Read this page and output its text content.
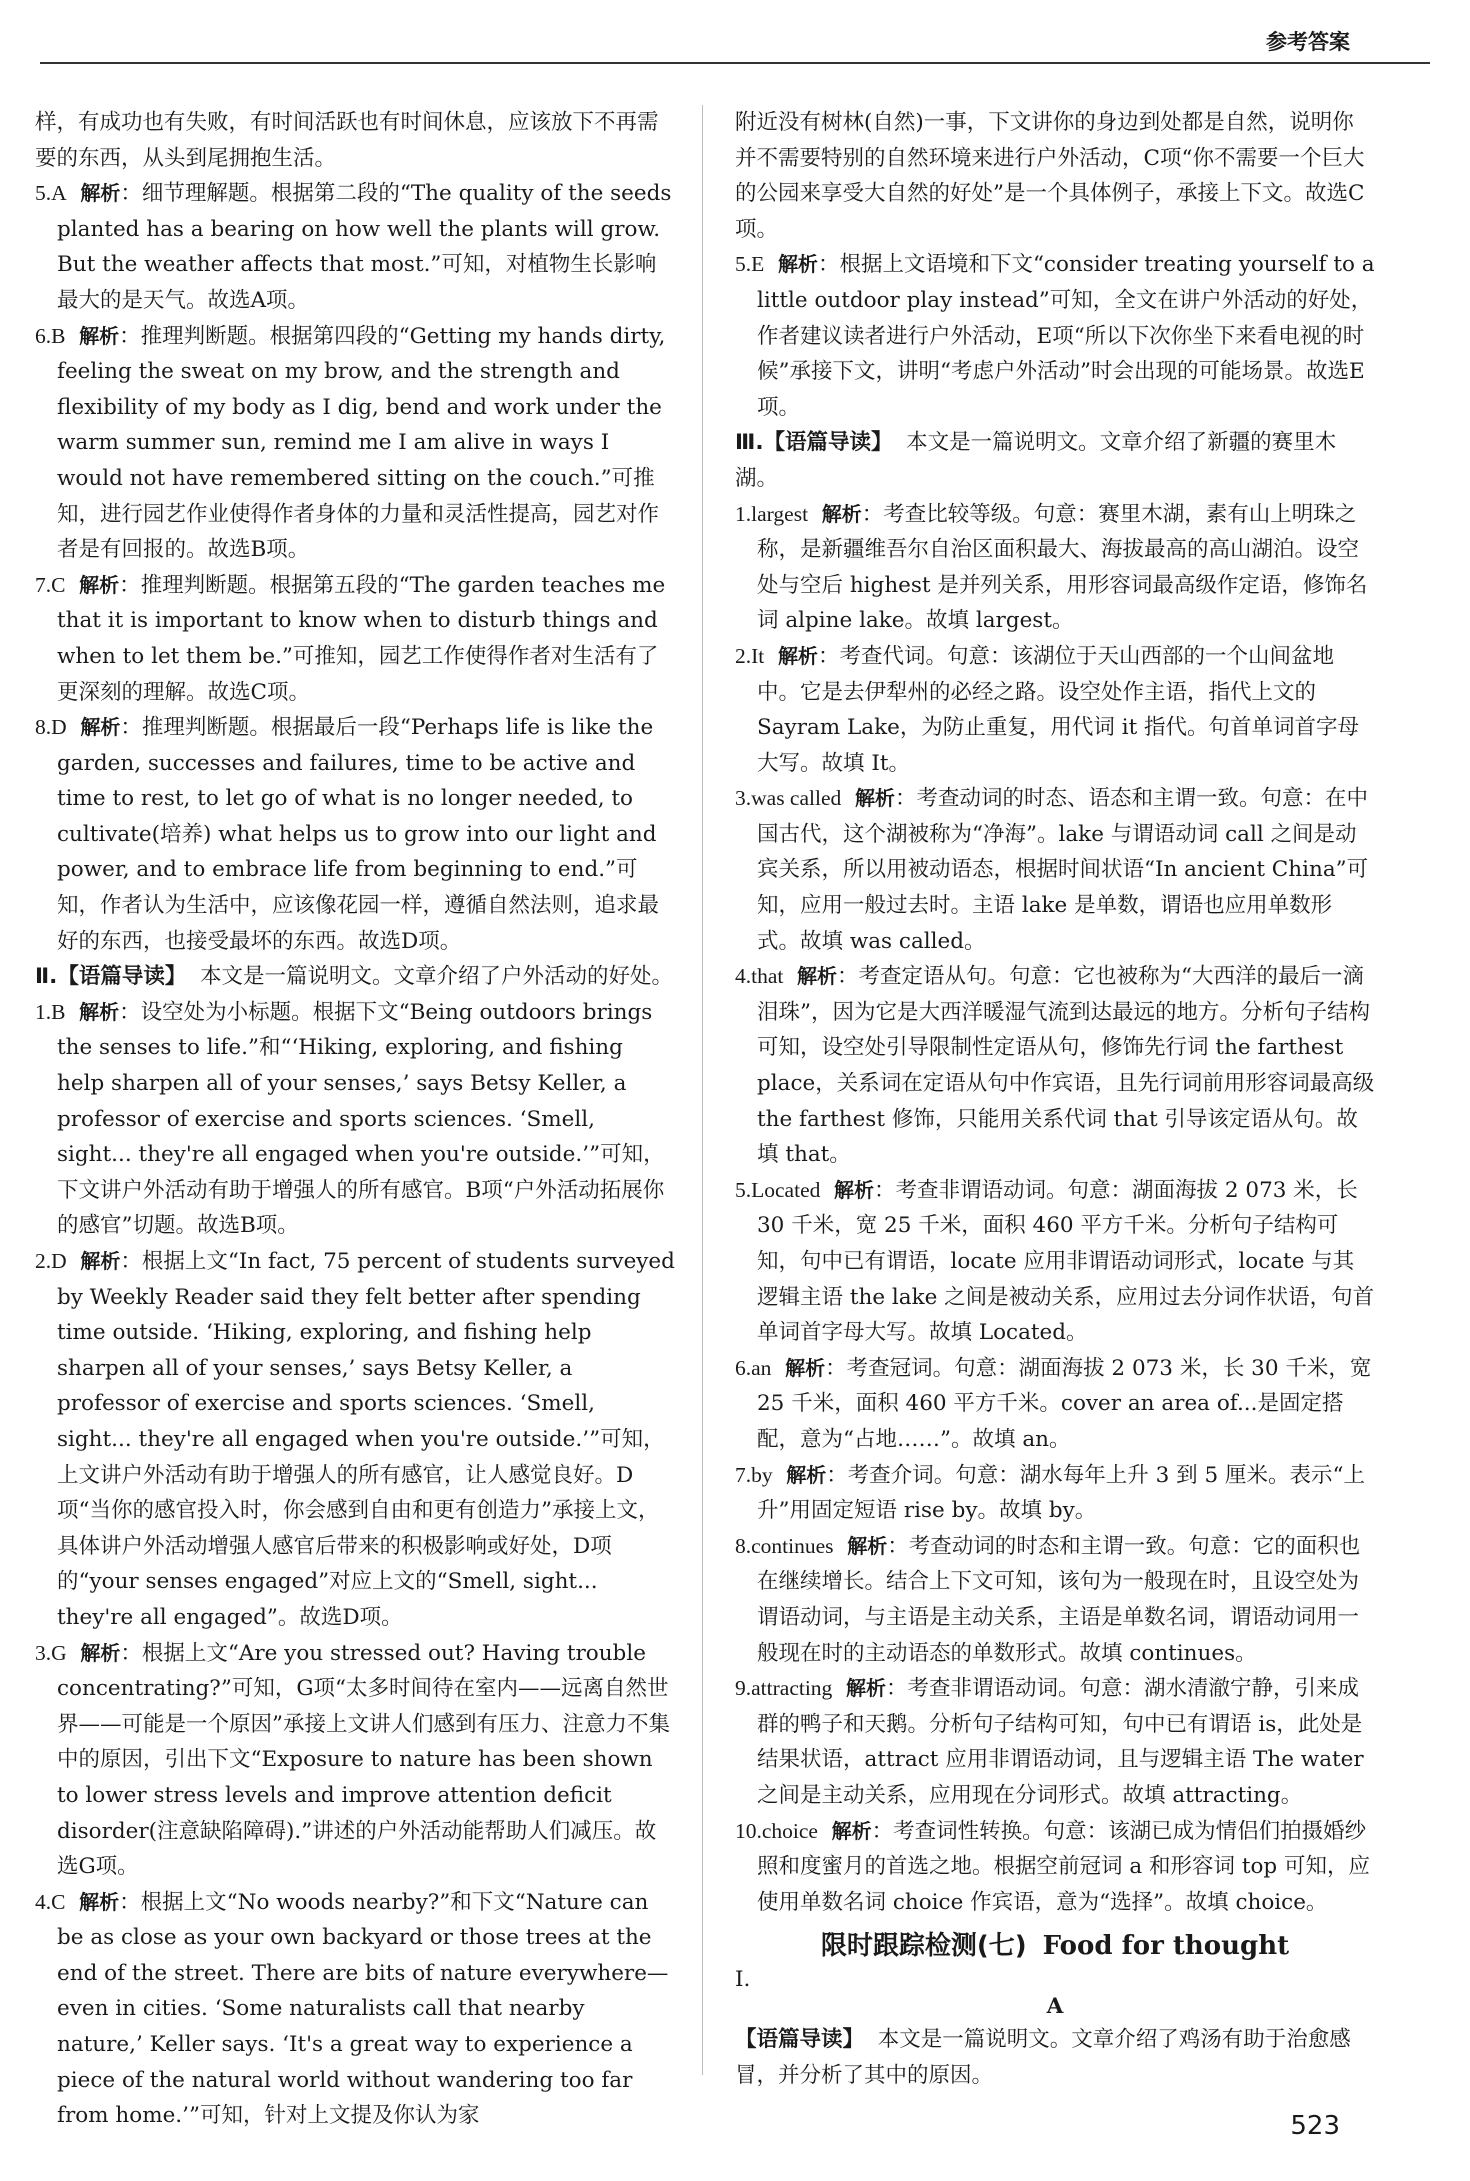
参考答案

样，有成功也有失败，有时间活跃也有时间休息，应该放下不再需要的东西，从头到尾拥抱生活。

5.A 解析：细节理解题。根据第二段的“The quality of the seeds planted has a bearing on how well the plants will grow. But the weather affects that most.”可知，对植物生长影响最大的是天气。故选A项。

6.B 解析：推理判断题。根据第四段的“Getting my hands dirty, feeling the sweat on my brow, and the strength and flexibility of my body as I dig, bend and work under the warm summer sun, remind me I am alive in ways I would not have remembered sitting on the couch.”可推知，进行园艺作业使得作者身体的力量和灵活性提高，园艺对作者是有回报的。故选B项。

7.C 解析：推理判断题。根据第五段的“The garden teaches me that it is important to know when to disturb things and when to let them be.”可推知，园艺工作使得作者对生活有了更深刻的理解。故选C项。

8.D 解析：推理判断题。根据最后一段“Perhaps life is like the garden, successes and failures, time to be active and time to rest, to let go of what is no longer needed, to cultivate(培养) what helps us to grow into our light and power, and to embrace life from beginning to end.”可知，作者认为生活中，应该像花园一样，遵循自然法则，追求最好的东西，也接受最坏的东西。故选D项。

Ⅱ.【语篇导读】 本文是一篇说明文。文章介绍了户外活动的好处。

1.B 解析：设空处为小标题。根据下文“Being outdoors brings the senses to life.”和“‘Hiking, exploring, and fishing help sharpen all of your senses,’ says Betsy Keller, a professor of exercise and sports sciences. ‘Smell, sight... they're all engaged when you're outside.’”可知，下文讲户外活动有助于增强人的所有感官。B项“户外活动拓展你的感官”切题。故选B项。

2.D 解析：根据上文“In fact, 75 percent of students surveyed by Weekly Reader said they felt better after spending time outside. ‘Hiking, exploring, and fishing help sharpen all of your senses,’ says Betsy Keller, a professor of exercise and sports sciences. ‘Smell, sight... they're all engaged when you're outside.’”可知，上文讲户外活动有助于增强人的所有感官，让人感觉良好。D项“当你的感官投入时，你会感到自由和更有创造力”承接上文，具体讲户外活动增强人感官后带来的积极影响或好处，D项的“your senses engaged”对应上文的“Smell, sight... they're all engaged”。故选D项。

3.G 解析：根据上文“Are you stressed out? Having trouble concentrating?”可知，G项“太多时间待在室内——远离自然世界——可能是一个原因”承接上文讲人们感到有压力、注意力不集中的原因，引出下文“Exposure to nature has been shown to lower stress levels and improve attention deficit disorder(注意缺陷障碍).”讲述的户外活动能帮助人们减压。故选G项。

4.C 解析：根据上文“No woods nearby?”和下文“Nature can be as close as your own backyard or those trees at the end of the street. There are bits of nature everywhere—even in cities. ‘Some naturalists call that nearby nature,’ Keller says. ‘It's a great way to experience a piece of the natural world without wandering too far from home.’”可知，针对上文提及你认为家

附近没有树林(自然)一事，下文讲你的身边到处都是自然，说明你并不需要特别的自然环境来进行户外活动，C项“你不需要一个巨大的公园来享受大自然的好处”是一个具体例子，承接上下文。故选C项。

5.E 解析：根据上文语境和下文“consider treating yourself to a little outdoor play instead”可知，全文在讲户外活动的好处，作者建议读者进行户外活动，E项“所以下次你坐下来看电视的时候”承接下文，讲明“考虑户外活动”时会出现的可能场景。故选E项。

Ⅲ.【语篇导读】 本文是一篇说明文。文章介绍了新疆的赛里木湖。

1.largest 解析：考查比较等级。句意：赛里木湖，素有山上明珠之称，是新疆维吾尔自治区面积最大、海拔最高的高山湖泊。设空处与空后 highest 是并列关系，用形容词最高级作定语，修饰名词 alpine lake。故填 largest。

2.It 解析：考查代词。句意：该湖位于天山西部的一个山间盆地中。它是去伊犁州的必经之路。设空处作主语，指代上文的 Sayram Lake，为防止重复，用代词 it 指代。句首单词首字母大写。故填 It。

3.was called 解析：考查动词的时态、语态和主谓一致。句意：在中国古代，这个湖被称为“净海”。lake 与谓语动词 call 之间是动宾关系，所以用被动语态，根据时间状语“In ancient China”可知，应用一般过去时。主语 lake 是单数，谓语也应用单数形式。故填 was called。

4.that 解析：考查定语从句。句意：它也被称为“大西洋的最后一滴泪珠”，因为它是大西洋暖湿气流到达最远的地方。分析句子结构可知，设空处引导限制性定语从句，修饰先行词 the farthest place，关系词在定语从句中作宾语，且先行词前用形容词最高级 the farthest 修饰，只能用关系代词 that 引导该定语从句。故填 that。

5.Located 解析：考查非谓语动词。句意：湖面海拔 2 073 米，长 30 千米，宽 25 千米，面积 460 平方千米。分析句子结构可知，句中已有谓语，locate 应用非谓语动词形式，locate 与其逻辑主语 the lake 之间是被动关系，应用过去分词作状语，句首单词首字母大写。故填 Located。

6.an 解析：考查冠词。句意：湖面海拔 2 073 米，长 30 千米，宽 25 千米，面积 460 平方千米。cover an area of...是固定搭配，意为“占地……”。故填 an。

7.by 解析：考查介词。句意：湖水每年上升 3 到 5 厘米。表示“上升”用固定短语 rise by。故填 by。

8.continues 解析：考查动词的时态和主谓一致。句意：它的面积也在继续增长。结合上下文可知，该句为一般现在时，且设空处为谓语动词，与主语是主动关系，主语是单数名词，谓语动词用一般现在时的主动语态的单数形式。故填 continues。

9.attracting 解析：考查非谓语动词。句意：湖水清澈宁静，引来成群的鸭子和天鹅。分析句子结构可知，句中已有谓语 is，此处是结果状语，attract 应用非谓语动词，且与逻辑主语 The water 之间是主动关系，应用现在分词形式。故填 attracting。

10.choice 解析：考查词性转换。句意：该湖已成为情侣们拍摄婚纱照和度蜜月的首选之地。根据空前冠词 a 和形容词 top 可知，应使用单数名词 choice 作宾语，意为“选择”。故填 choice。

限时跟踪检测(七) Food for thought

Ⅰ.

A

【语篇导读】 本文是一篇说明文。文章介绍了鸡汤有助于治愈感冒，并分析了其中的原因。

523
